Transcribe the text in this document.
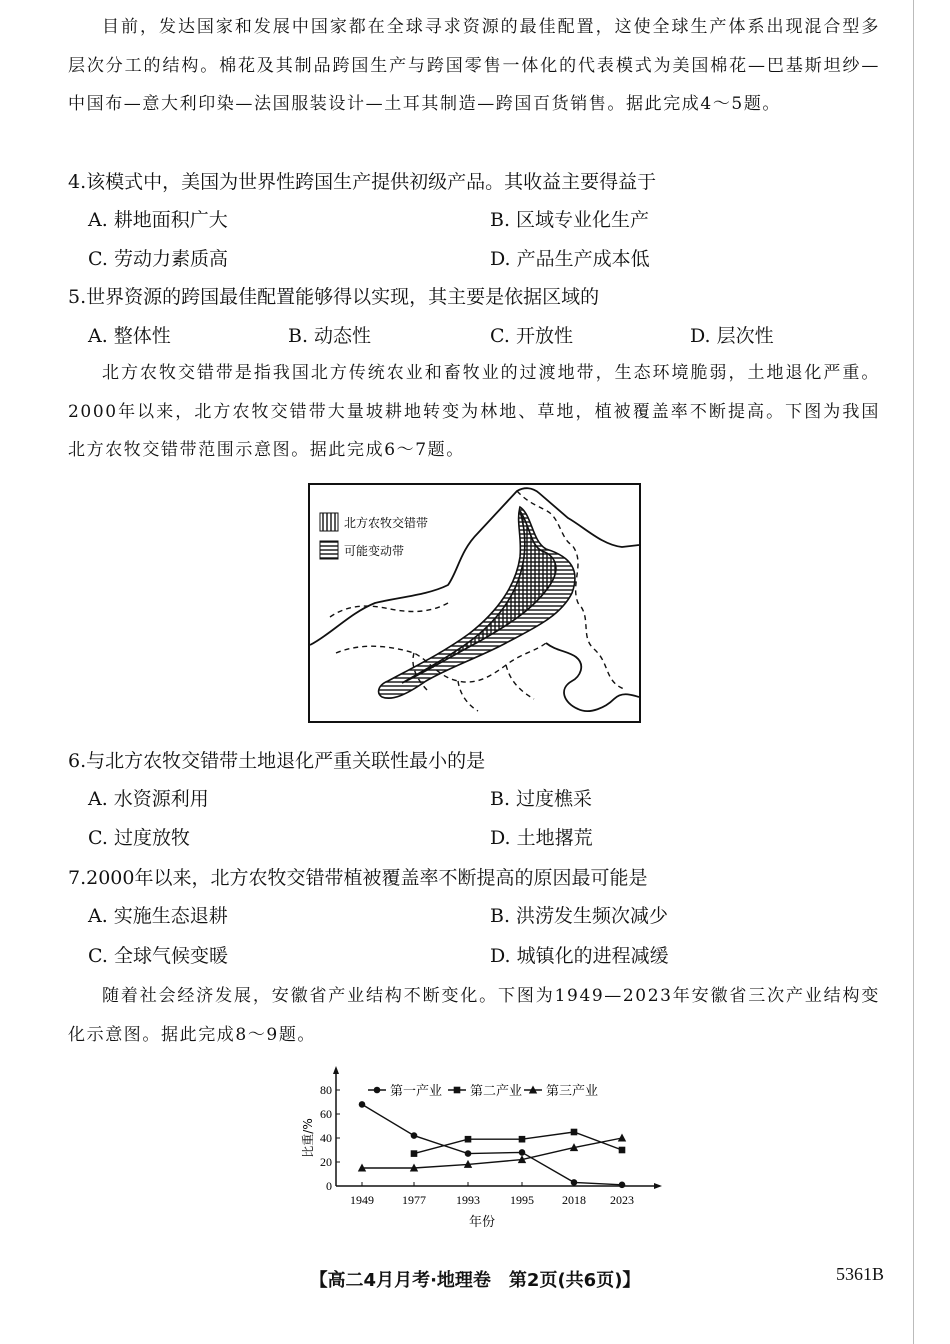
目前，发达国家和发展中国家都在全球寻求资源的最佳配置，这使全球生产体系出现混合型多层次分工的结构。棉花及其制品跨国生产与跨国零售一体化的代表模式为美国棉花—巴基斯坦纱—中国布—意大利印染—法国服装设计—土耳其制造—跨国百货销售。据此完成4～5题。
4.该模式中，美国为世界性跨国生产提供初级产品。其收益主要得益于
A. 耕地面积广大	B. 区域专业化生产
C. 劳动力素质高	D. 产品生产成本低
5.世界资源的跨国最佳配置能够得以实现，其主要是依据区域的
A. 整体性	B. 动态性	C. 开放性	D. 层次性
北方农牧交错带是指我国北方传统农业和畜牧业的过渡地带，生态环境脆弱，土地退化严重。2000年以来，北方农牧交错带大量坡耕地转变为林地、草地，植被覆盖率不断提高。下图为我国北方农牧交错带范围示意图。据此完成6～7题。
北方农牧交错带
可能变动带
6.与北方农牧交错带土地退化严重关联性最小的是
A. 水资源利用	B. 过度樵采
C. 过度放牧	D. 土地撂荒
7.2000年以来，北方农牧交错带植被覆盖率不断提高的原因最可能是
A. 实施生态退耕	B. 洪涝发生频次减少
C. 全球气候变暖	D. 城镇化的进程减缓
随着社会经济发展，安徽省产业结构不断变化。下图为1949—2023年安徽省三次产业结构变化示意图。据此完成8～9题。
0
20
40
60
80
1949 1977	1993	1995 2018 2023
年份
比重/%
第一产业 第二产业 第三产业
【高二4月月考·地理卷　第2页(共6页)】	5361B
